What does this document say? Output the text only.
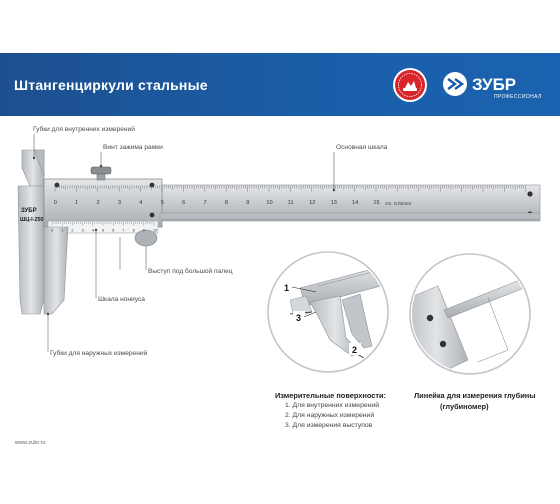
Штангенциркули стальные	ЗУБР
ПРОФЕССИОНАЛ
ЗУБР
ШЦ-I-250
0	1	2	3	4	5	6	7	8	9	10	11	12	13	14	15 cm 0.02mm
0 1 2 3 4 5 6 7 8 9 10
1
3
2
Губки для внутренних измерений
Винт зажима рамки	Основная шкала
Выступ под большой палец
Шкала нониуса
Губки для наружных измерений
Измерительные поверхности:
1. Для внутренних измерений
2. Для наружных измерений
3. Для измерения выступов
Линейка для измерения глубины
(глубиномер)
www.zubr.ru
